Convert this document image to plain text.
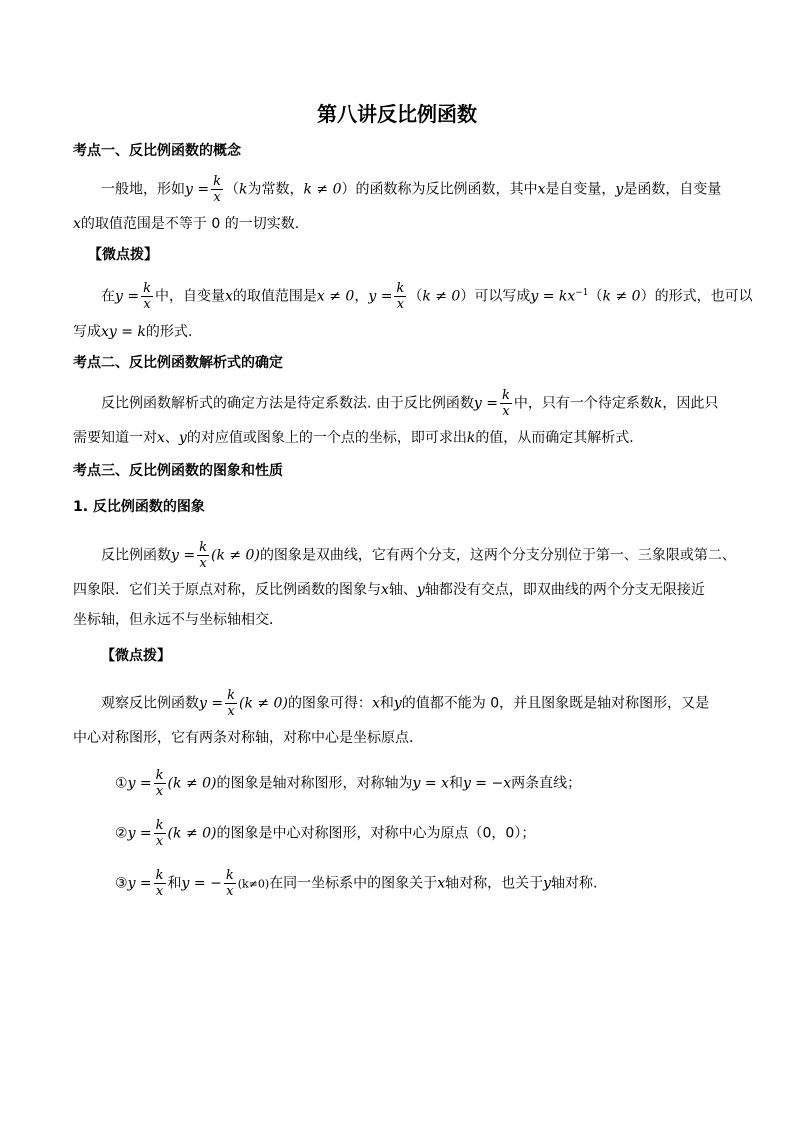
第八讲反比例函数
考点一、反比例函数的概念
一般地，形如$y = \frac{k}{x} (k$为常数，k ≠ 0）的函数称为反比例函数，其中x是自变量，y是函数，自变量
x的取值范围是不等于 0 的一切实数.
【微点拨】
在$y = \frac{k}{x}$ 中，自变量x的取值范围是x ≠ 0，$y = \frac{k}{x} (k \ne 0)$可以写成$y = kx^{-1}(k \ne 0)$的形式，也可以
写成xy = k的形式.
考点二、反比例函数解析式的确定
反比例函数解析式的确定方法是待定系数法. 由于反比例函数$y = \frac{k}{x}$ 中，只有一个待定系数k，因此只
需要知道一对x、y的对应值或图象上的一个点的坐标，即可求出k的值，从而确定其解析式.
考点三、反比例函数的图象和性质
1. 反比例函数的图象
反比例函数$y = \frac{k}{x} (k \ne 0)$的图象是双曲线，它有两个分支，这两个分支分别位于第一、三象限或第二、
四象限．它们关于原点对称，反比例函数的图象与x轴、y轴都没有交点，即双曲线的两个分支无限接近
坐标轴，但永远不与坐标轴相交．
【微点拨】
观察反比例函数$y = \frac{k}{x} (k \ne 0)$的图象可得：x和y的值都不能为 0，并且图象既是轴对称图形，又是
中心对称图形，它有两条对称轴，对称中心是坐标原点．
①y = $\frac{k}{x} (k \ne 0)$的图象是轴对称图形，对称轴为y = x和y = −x两条直线；
②y = $\frac{k}{x} (k \ne 0)$的图象是中心对称图形，对称中心为原点（0，0）；
③y = $\frac{k}{x}$ 和y = − $\frac{k}{x} (k\ne 0)$在同一坐标系中的图象关于x轴对称，也关于y轴对称.
